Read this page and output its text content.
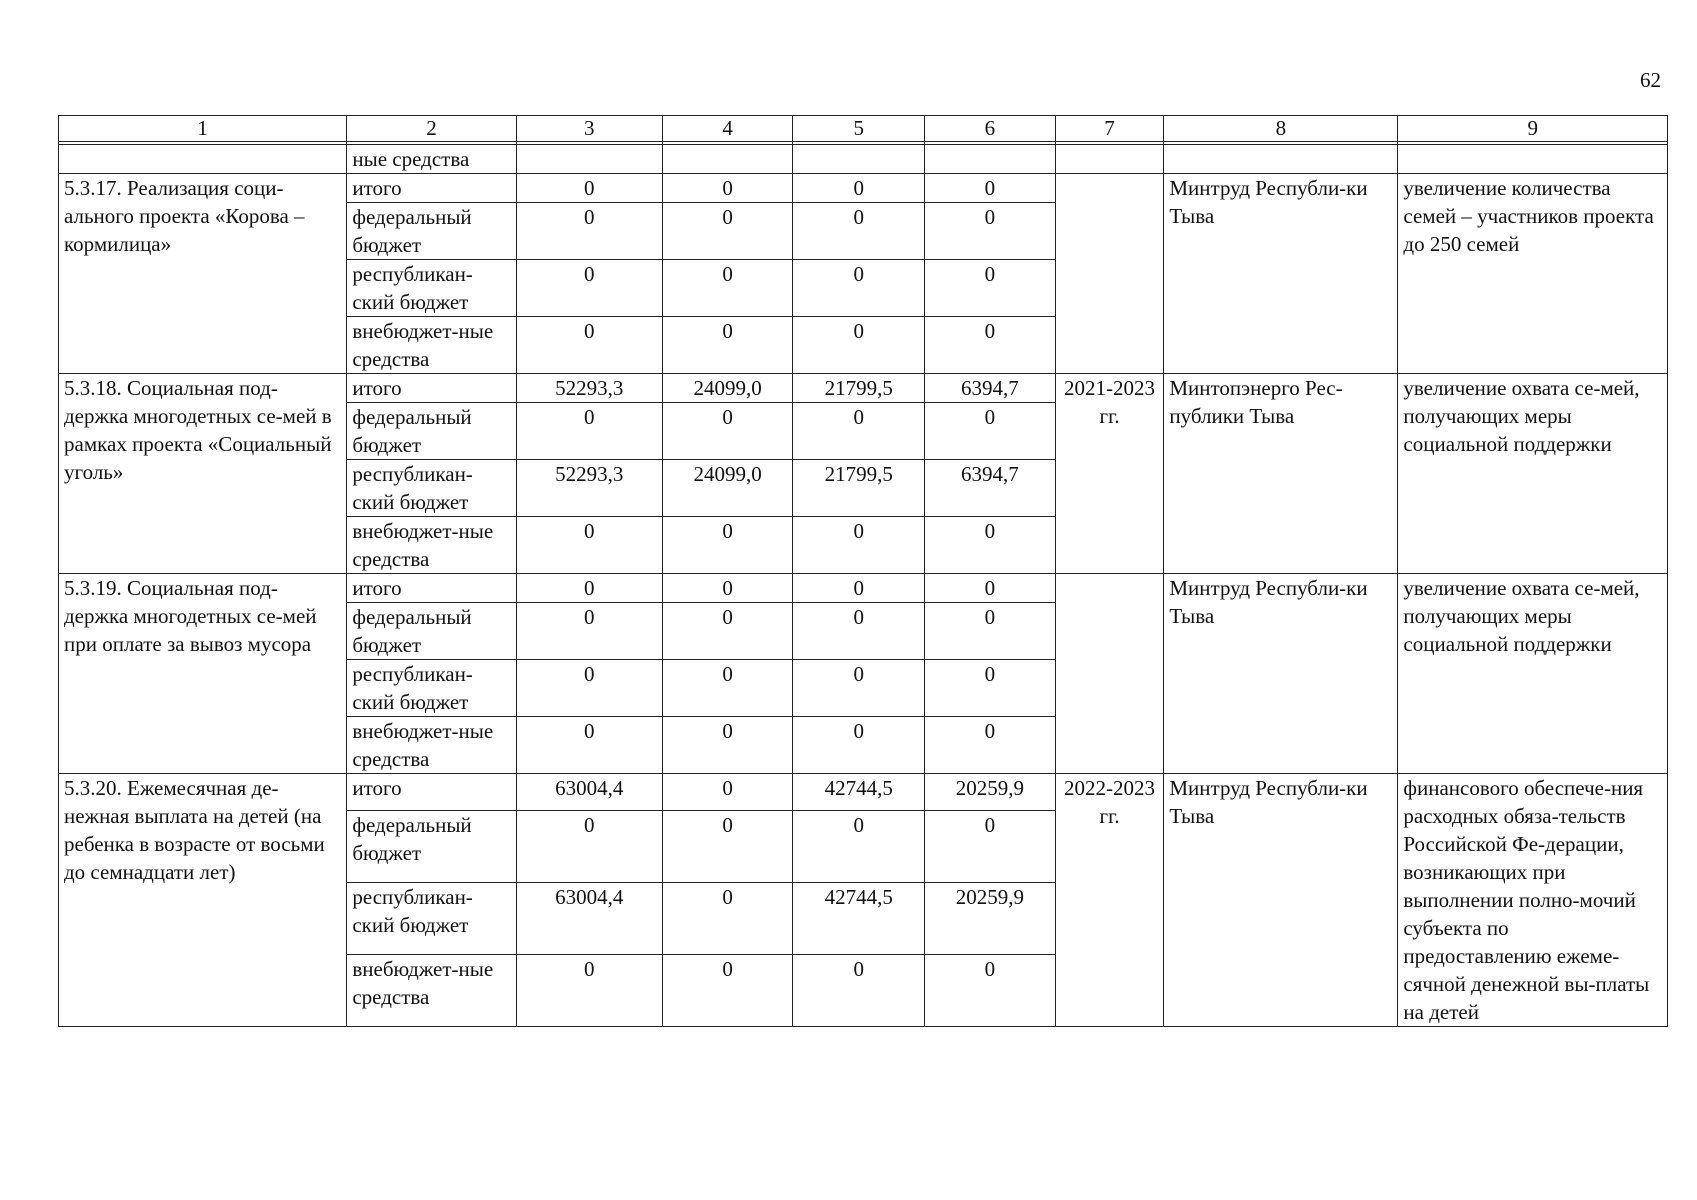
62
1	2	3	4	5	6	7	8	9

	ные средства							
5.3.17. Реализация соци-ального проекта «Корова – кормилица»	итого	0	0	0	0		Минтруд Республи-ки Тыва	увеличение количества семей – участников проекта до 250 семей
	федеральный бюджет	0	0	0	0			
	республикан-ский бюджет	0	0	0	0			
	внебюджет-ные средства	0	0	0	0			
5.3.18. Социальная под-держка многодетных се-мей в рамках проекта «Социальный уголь»	итого	52293,3	24099,0	21799,5	6394,7	2021-2023 гг.	Минтопэнерго Рес-публики Тыва	увеличение охвата се-мей, получающих меры социальной поддержки
	федеральный бюджет	0	0	0	0			
	республикан-ский бюджет	52293,3	24099,0	21799,5	6394,7			
	внебюджет-ные средства	0	0	0	0			
5.3.19. Социальная под-держка многодетных се-мей при оплате за вывоз мусора	итого	0	0	0	0		Минтруд Республи-ки Тыва	увеличение охвата се-мей, получающих меры социальной поддержки
	федеральный бюджет	0	0	0	0			
	республикан-ский бюджет	0	0	0	0			
	внебюджет-ные средства	0	0	0	0			
5.3.20. Ежемесячная де-нежная выплата на детей (на ребенка в возрасте от восьми до семнадцати лет)	итого	63004,4	0	42744,5	20259,9	2022-2023 гг.	Минтруд Республи-ки Тыва	финансового обеспече-ния расходных обяза-тельств Российской Фе-дерации, возникающих при выполнении полно-мочий субъекта по предоставлению ежеме-сячной денежной вы-платы на детей
	федеральный бюджет	0	0	0	0			
	республикан-ский бюджет	63004,4	0	42744,5	20259,9			
	внебюджет-ные средства	0	0	0	0			
